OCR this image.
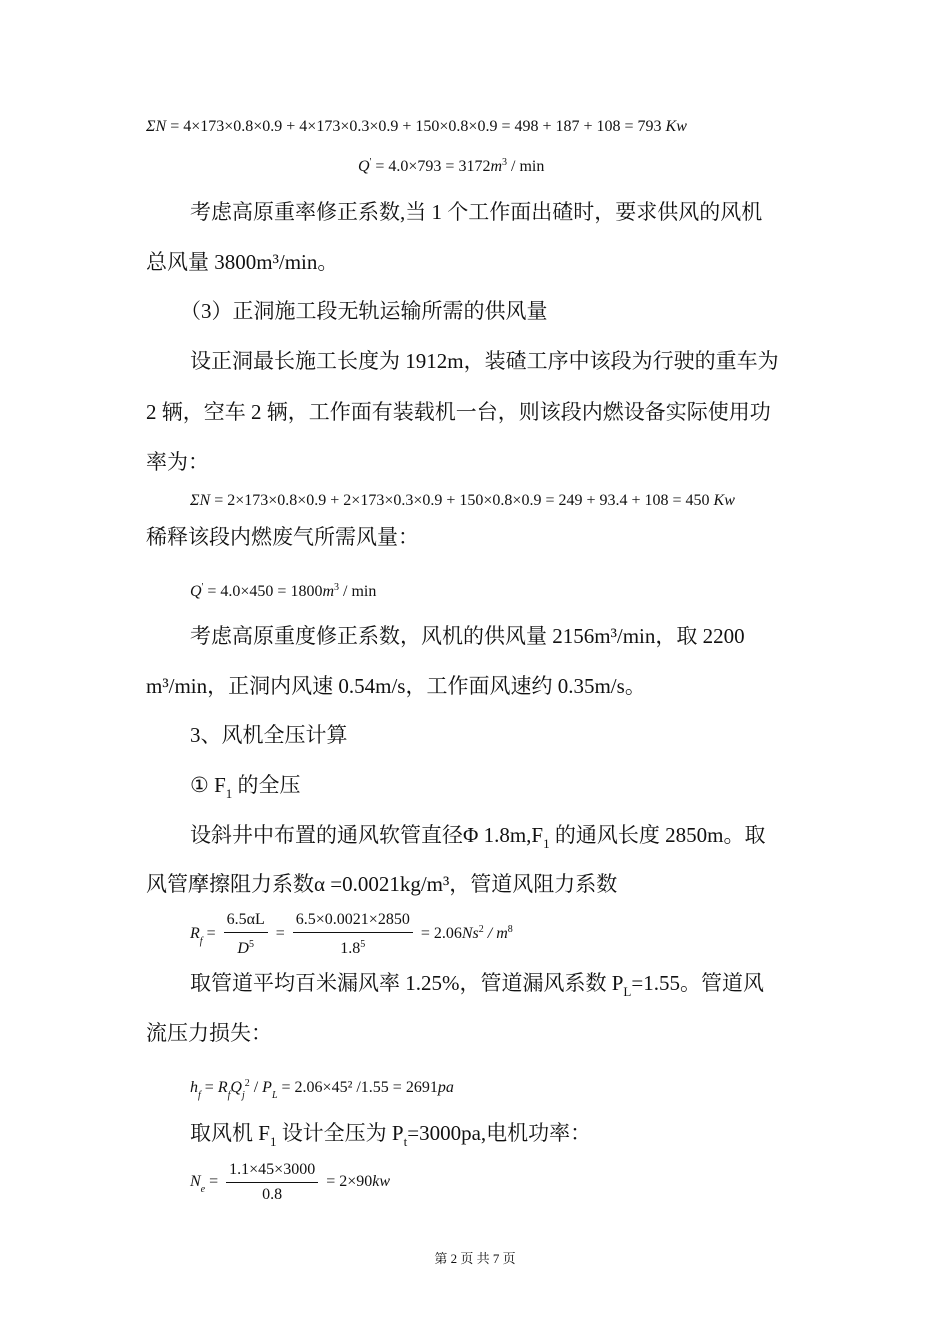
ΣN = 4×173×0.8×0.9 + 4×173×0.3×0.9 + 150×0.8×0.9 = 498 + 187 + 108 = 793 Kw
$Q' = 4.0\times 793 = 3172m^3 / \min$
考虑高原重率修正系数,当 1 个工作面出碴时，要求供风的风机
总风量 3800m³/min。
（3）正洞施工段无轨运输所需的供风量
设正洞最长施工长度为 1912m，装碴工序中该段为行驶的重车为
2 辆，空车 2 辆，工作面有装载机一台，则该段内燃设备实际使用功
率为：
ΣN = 2×173×0.8×0.9 + 2×173×0.3×0.9 + 150×0.8×0.9 = 249 + 93.4 + 108 = 450 Kw
稀释该段内燃废气所需风量：
$Q' = 4.0\times 450 = 1800m^3 / \min$
考虑高原重度修正系数，风机的供风量 2156m³/min，取 2200
m³/min，正洞内风速 0.54m/s，工作面风速约 0.35m/s。
3、风机全压计算
① $F_1$ 的全压
设斜井中布置的通风软管直径Φ $1.8m,F_1$ 的通风长度 2850m。取
风管摩擦阻力系数α =0.0021kg/m³，管道风阻力系数
$R_f = \frac{6.5\alpha L}{D^5} = \frac{6.5\times 0.0021\times 2850}{1.8^5} = 2.06Ns^2 / m^8$
取管道平均百米漏风率 1.25%，管道漏风系数 $P_L=1.55$。管道风
流压力损失：
$h_f = R_fQ_j^2 / P_L = 2.06\times 45^2$ /1.55 = 2691pa
取风机 $F_1$ 设计全压为 $P_t=3000pa$,电机功率：
$N_e = \frac{1.1\times 45\times 3000}{0.8} = 2\times 90kw$
第 2 页 共 7 页
